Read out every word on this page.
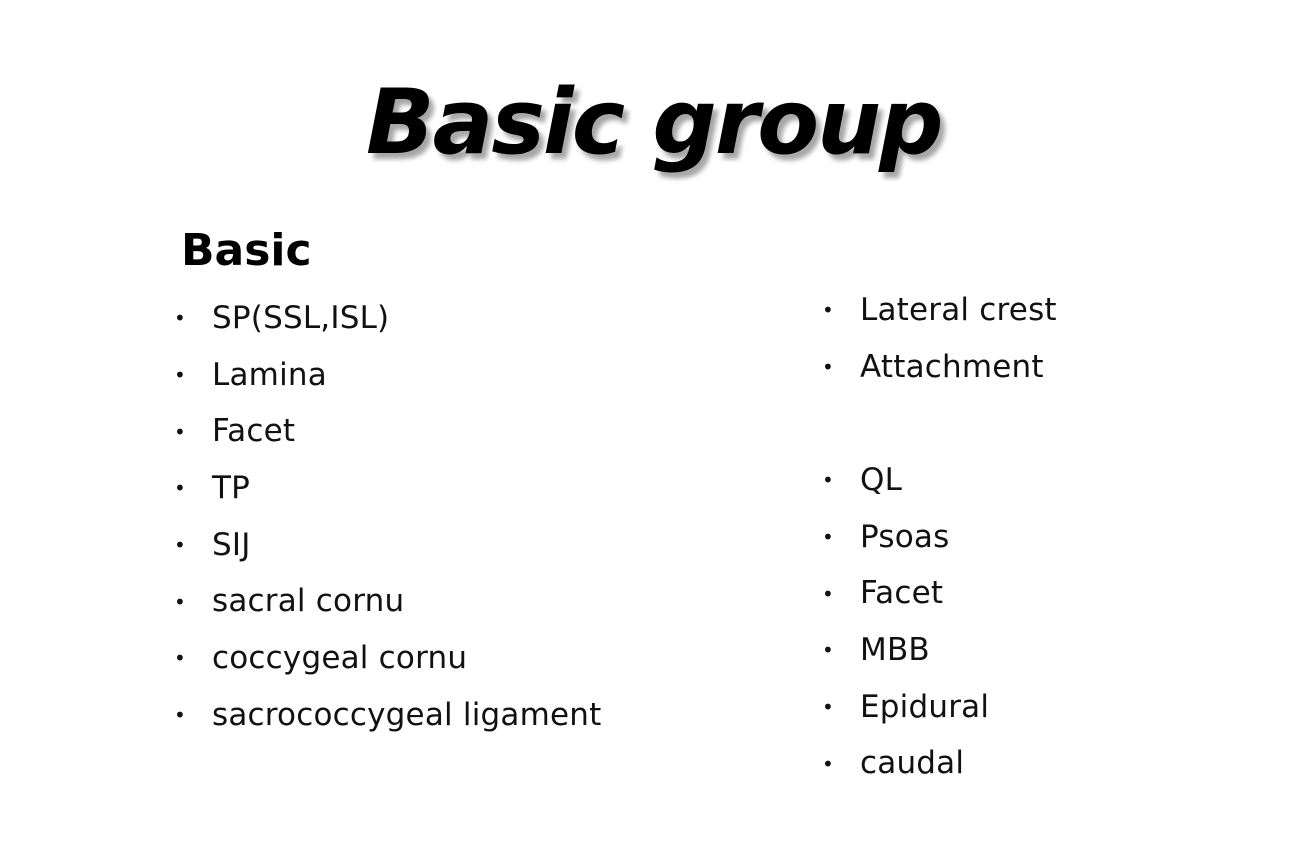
Basic group
Basic
• SP(SSL,ISL)
• Lamina
• Facet
• TP
• SIJ
• sacral cornu
• coccygeal cornu
• sacrococcygeal ligament
• Lateral crest
• Attachment
• QL
• Psoas
• Facet
• MBB
• Epidural
• caudal
